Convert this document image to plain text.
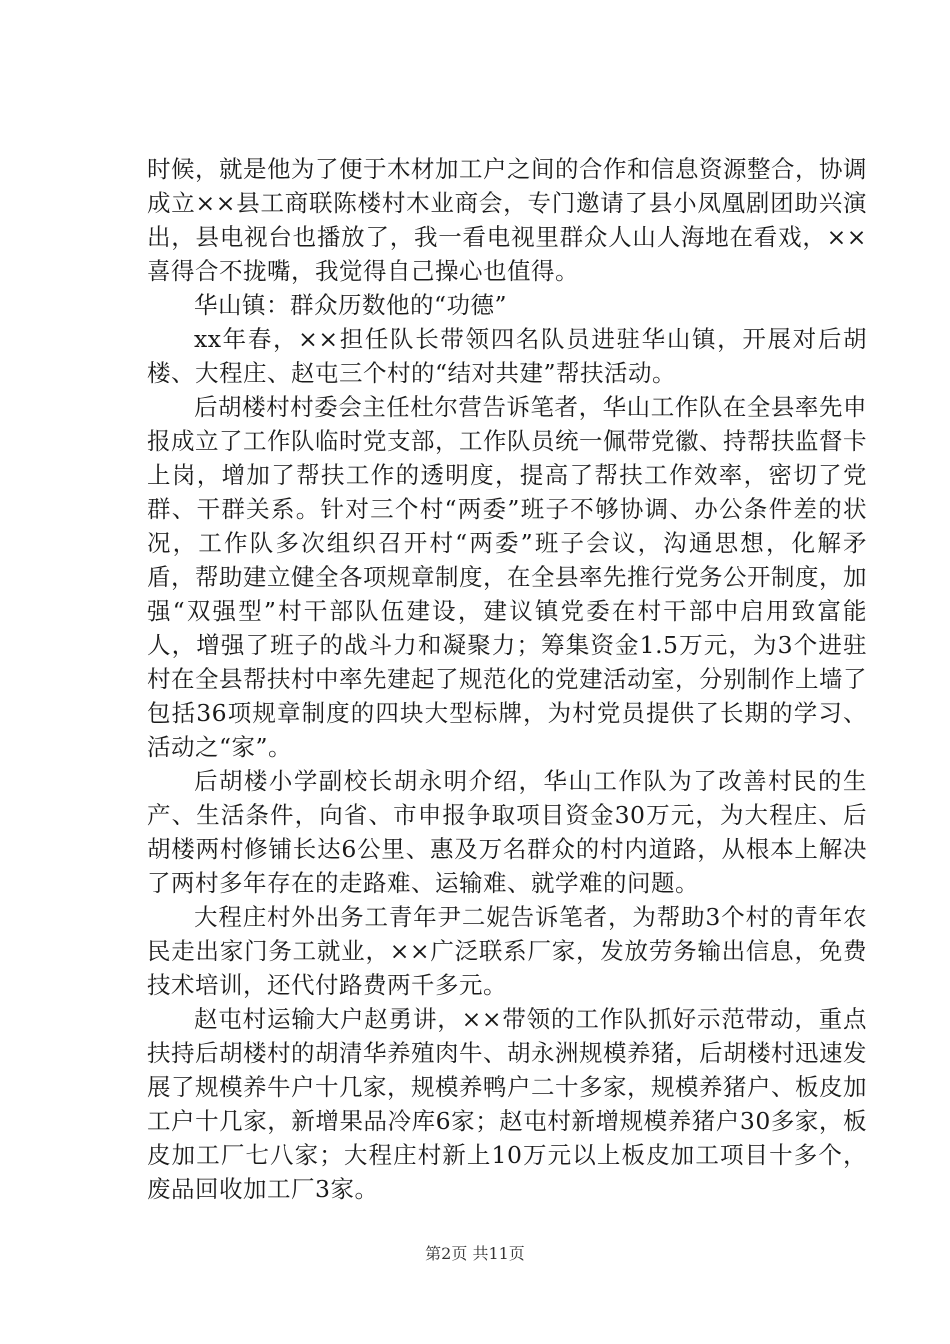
时候，就是他为了便于木材加工户之间的合作和信息资源整合，协调成立××县工商联陈楼村木业商会，专门邀请了县小凤凰剧团助兴演出，县电视台也播放了，我一看电视里群众人山人海地在看戏，××喜得合不拢嘴，我觉得自己操心也值得。

华山镇：群众历数他的“功德”

xx年春，××担任队长带领四名队员进驻华山镇，开展对后胡楼、大程庄、赵屯三个村的“结对共建”帮扶活动。

后胡楼村村委会主任杜尔营告诉笔者，华山工作队在全县率先申报成立了工作队临时党支部，工作队员统一佩带党徽、持帮扶监督卡上岗，增加了帮扶工作的透明度，提高了帮扶工作效率，密切了党群、干群关系。针对三个村“两委”班子不够协调、办公条件差的状况，工作队多次组织召开村“两委”班子会议，沟通思想，化解矛盾，帮助建立健全各项规章制度，在全县率先推行党务公开制度，加强“双强型”村干部队伍建设，建议镇党委在村干部中启用致富能人，增强了班子的战斗力和凝聚力；筹集资金1.5万元，为3个进驻村在全县帮扶村中率先建起了规范化的党建活动室，分别制作上墙了包括36项规章制度的四块大型标牌，为村党员提供了长期的学习、活动之“家”。

后胡楼小学副校长胡永明介绍，华山工作队为了改善村民的生产、生活条件，向省、市申报争取项目资金30万元，为大程庄、后胡楼两村修铺长达6公里、惠及万名群众的村内道路，从根本上解决了两村多年存在的走路难、运输难、就学难的问题。

大程庄村外出务工青年尹二妮告诉笔者，为帮助3个村的青年农民走出家门务工就业，××广泛联系厂家，发放劳务输出信息，免费技术培训，还代付路费两千多元。

赵屯村运输大户赵勇讲，××带领的工作队抓好示范带动，重点扶持后胡楼村的胡清华养殖肉牛、胡永洲规模养猪，后胡楼村迅速发展了规模养牛户十几家，规模养鸭户二十多家，规模养猪户、板皮加工户十几家，新增果品冷库6家；赵屯村新增规模养猪户30多家，板皮加工厂七八家；大程庄村新上10万元以上板皮加工项目十多个，废品回收加工厂3家。

第2页 共11页
